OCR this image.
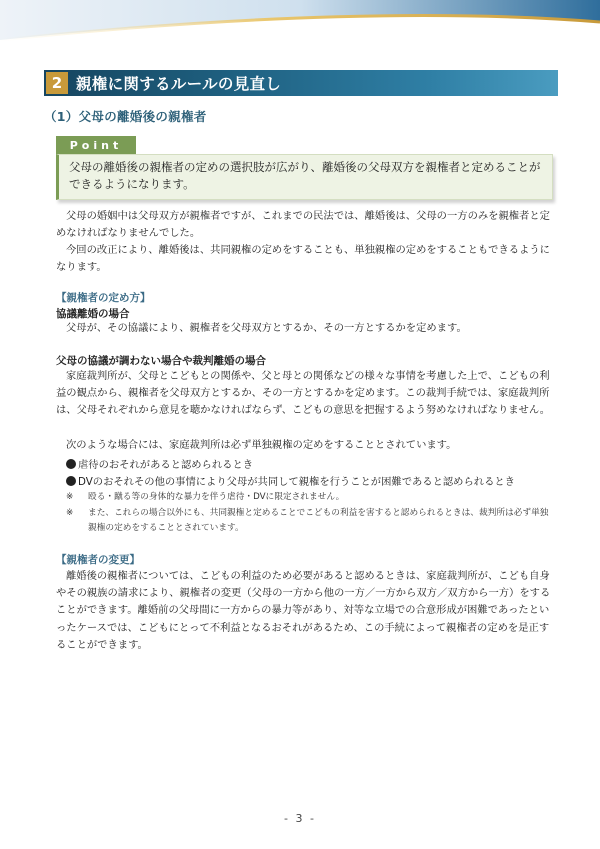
2 親権に関するルールの見直し
（1）父母の離婚後の親権者
Point
父母の離婚後の親権者の定めの選択肢が広がり、離婚後の父母双方を親権者と定めることができるようになります。
父母の婚姻中は父母双方が親権者ですが、これまでの民法では、離婚後は、父母の一方のみを親権者と定めなければなりませんでした。
今回の改正により、離婚後は、共同親権の定めをすることも、単独親権の定めをすることもできるようになります。
【親権者の定め方】
協議離婚の場合
父母が、その協議により、親権者を父母双方とするか、その一方とするかを定めます。
父母の協議が調わない場合や裁判離婚の場合
家庭裁判所が、父母とこどもとの関係や、父と母との関係などの様々な事情を考慮した上で、こどもの利益の観点から、親権者を父母双方とするか、その一方とするかを定めます。この裁判手続では、家庭裁判所は、父母それぞれから意見を聴かなければならず、こどもの意思を把握するよう努めなければなりません。
次のような場合には、家庭裁判所は必ず単独親権の定めをすることとされています。
虐待のおそれがあると認められるとき
DVのおそれその他の事情により父母が共同して親権を行うことが困難であると認められるとき
※	殴る・蹴る等の身体的な暴力を伴う虐待・DVに限定されません。
※	また、これらの場合以外にも、共同親権と定めることでこどもの利益を害すると認められるときは、裁判所は必ず単独親権の定めをすることとされています。
【親権者の変更】
離婚後の親権者については、こどもの利益のため必要があると認めるときは、家庭裁判所が、こども自身やその親族の請求により、親権者の変更（父母の一方から他の一方／一方から双方／双方から一方）をすることができます。離婚前の父母間に一方からの暴力等があり、対等な立場での合意形成が困難であったといったケースでは、こどもにとって不利益となるおそれがあるため、この手続によって親権者の定めを是正することができます。
- 3 -
